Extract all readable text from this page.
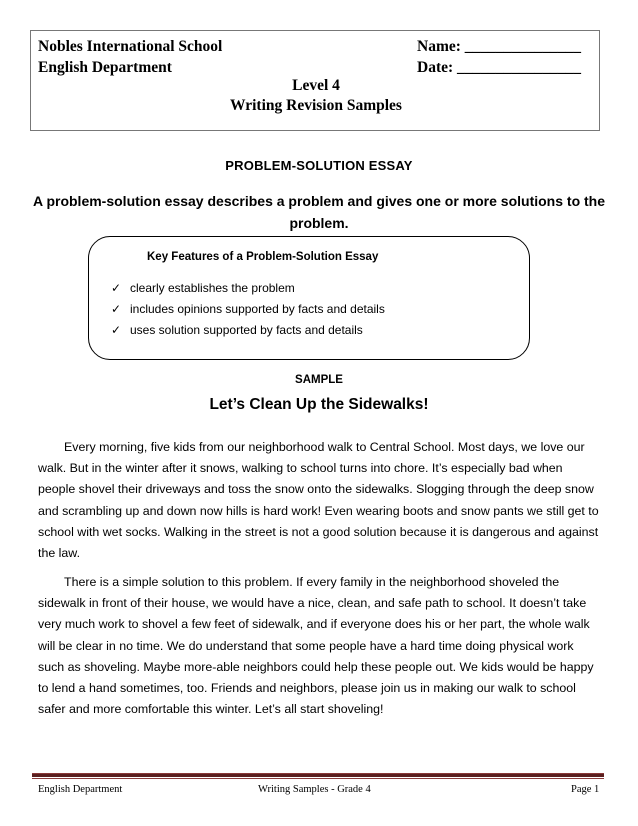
Nobles International School
English Department
Name: _______________
Date: ________________
Level 4
Writing Revision Samples
PROBLEM-SOLUTION ESSAY
A problem-solution essay describes a problem and gives one or more solutions to the problem.
Key Features of a Problem-Solution Essay
✓ clearly establishes the problem
✓ includes opinions supported by facts and details
✓ uses solution supported by facts and details
SAMPLE
Let’s Clean Up the Sidewalks!

Every morning, five kids from our neighborhood walk to Central School. Most days, we love our walk. But in the winter after it snows, walking to school turns into chore. It’s especially bad when people shovel their driveways and toss the snow onto the sidewalks. Slogging through the deep snow and scrambling up and down now hills is hard work! Even wearing boots and snow pants we still get to school with wet socks. Walking in the street is not a good solution because it is dangerous and against the law.

There is a simple solution to this problem. If every family in the neighborhood shoveled the sidewalk in front of their house, we would have a nice, clean, and safe path to school. It doesn’t take very much work to shovel a few feet of sidewalk, and if everyone does his or her part, the whole walk will be clear in no time. We do understand that some people have a hard time doing physical work such as shoveling. Maybe more-able neighbors could help these people out. We kids would be happy to lend a hand sometimes, too. Friends and neighbors, please join us in making our walk to school safer and more comfortable this winter. Let’s all start shoveling!

English Department	Writing Samples - Grade 4	Page 1
